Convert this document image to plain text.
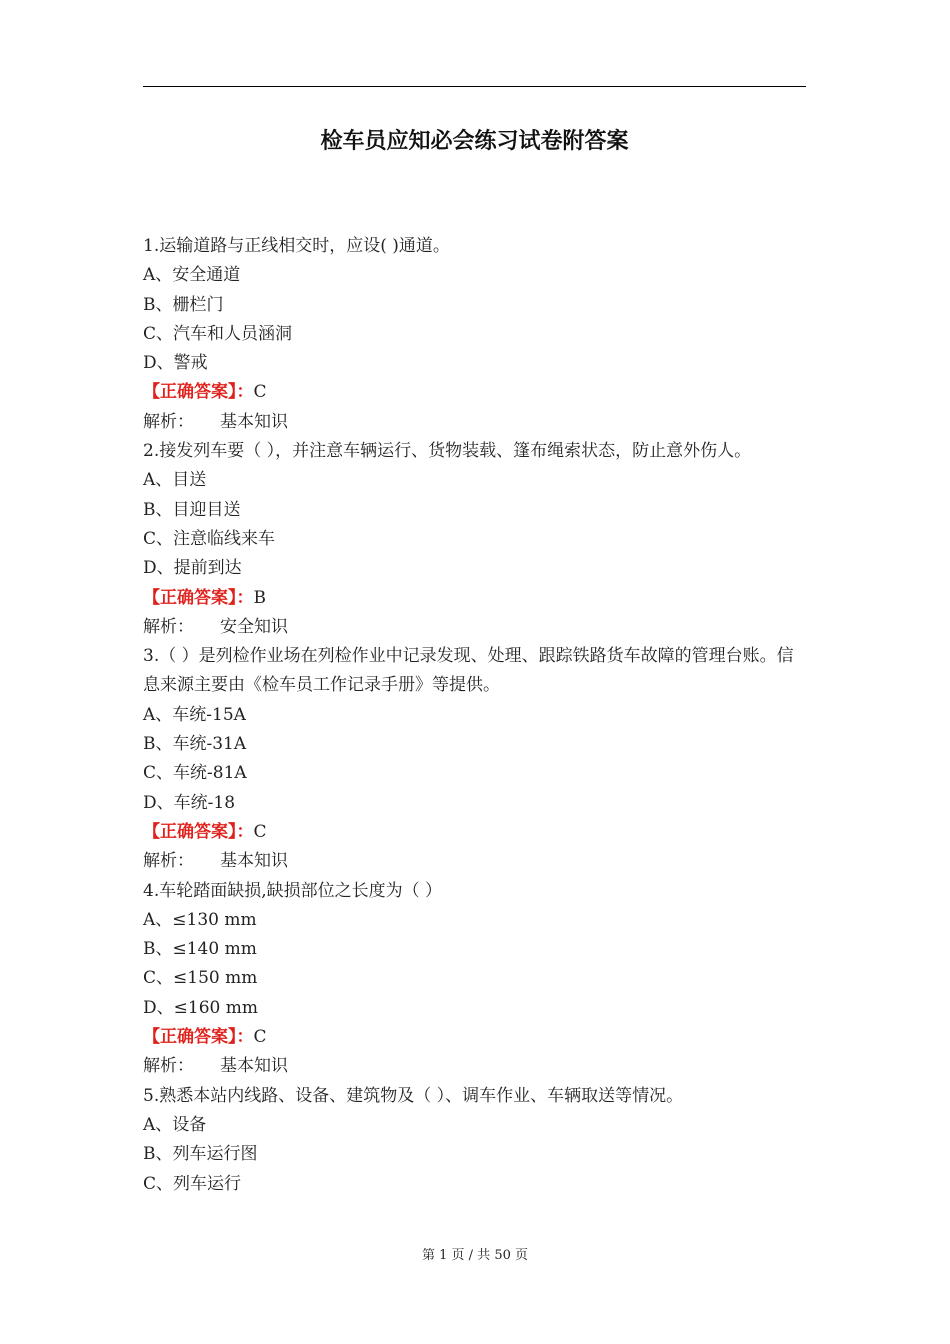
检车员应知必会练习试卷附答案
1.运输道路与正线相交时，应设( )通道。
A、安全通道
B、栅栏门
C、汽车和人员涵洞
D、警戒
【正确答案】：C
解析： 基本知识
2.接发列车要（ ），并注意车辆运行、货物装载、篷布绳索状态，防止意外伤人。
A、目送
B、目迎目送
C、注意临线来车
D、提前到达
【正确答案】：B
解析： 安全知识
3.（ ）是列检作业场在列检作业中记录发现、处理、跟踪铁路货车故障的管理台账。信息来源主要由《检车员工作记录手册》等提供。
A、车统-15A
B、车统-31A
C、车统-81A
D、车统-18
【正确答案】：C
解析： 基本知识
4.车轮踏面缺损,缺损部位之长度为（ ）
A、≤130 mm
B、≤140 mm
C、≤150 mm
D、≤160 mm
【正确答案】：C
解析： 基本知识
5.熟悉本站内线路、设备、建筑物及（ ）、调车作业、车辆取送等情况。
A、设备
B、列车运行图
C、列车运行
第 1 页 / 共 50 页
